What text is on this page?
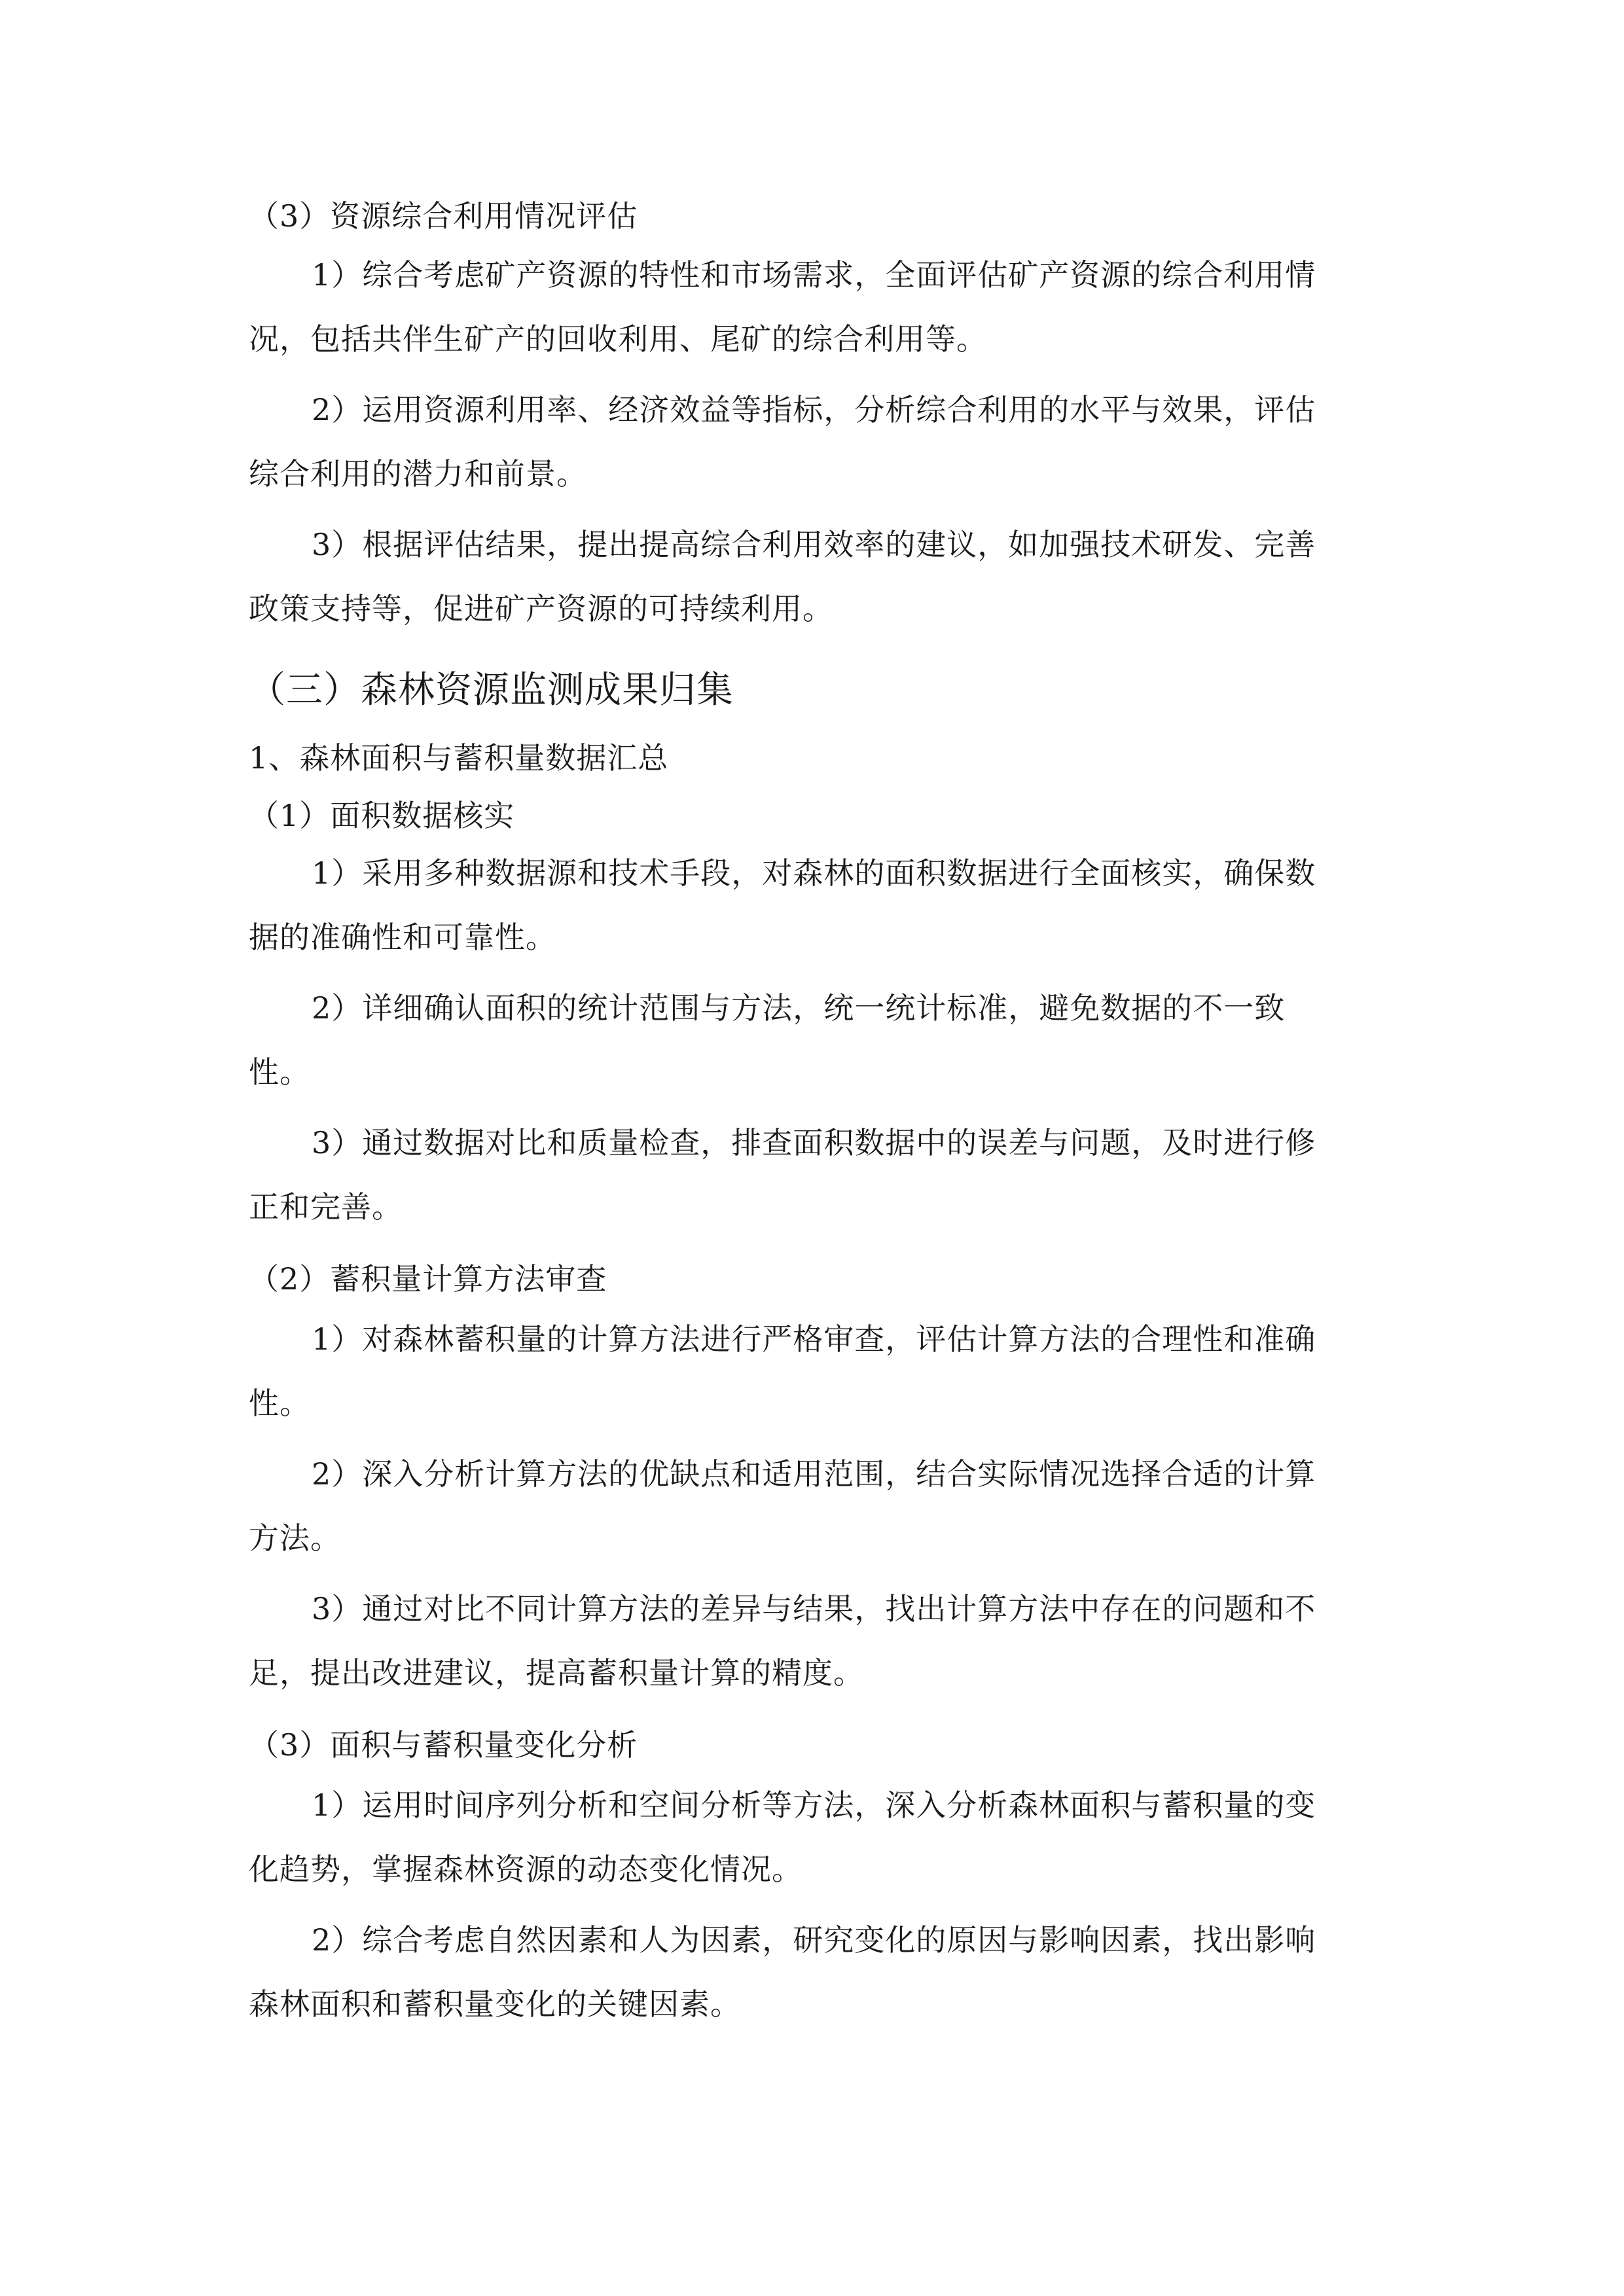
（3）资源综合利用情况评估
1）综合考虑矿产资源的特性和市场需求，全面评估矿产资源的综合利用情
况，包括共伴生矿产的回收利用、尾矿的综合利用等。
2）运用资源利用率、经济效益等指标，分析综合利用的水平与效果，评估
综合利用的潜力和前景。
3）根据评估结果，提出提高综合利用效率的建议，如加强技术研发、完善
政策支持等，促进矿产资源的可持续利用。
（三）森林资源监测成果归集
1、森林面积与蓄积量数据汇总
（1）面积数据核实
1）采用多种数据源和技术手段，对森林的面积数据进行全面核实，确保数
据的准确性和可靠性。
2）详细确认面积的统计范围与方法，统一统计标准，避免数据的不一致
性。
3）通过数据对比和质量检查，排查面积数据中的误差与问题，及时进行修
正和完善。
（2）蓄积量计算方法审查
1）对森林蓄积量的计算方法进行严格审查，评估计算方法的合理性和准确
性。
2）深入分析计算方法的优缺点和适用范围，结合实际情况选择合适的计算
方法。
3）通过对比不同计算方法的差异与结果，找出计算方法中存在的问题和不
足，提出改进建议，提高蓄积量计算的精度。
（3）面积与蓄积量变化分析
1）运用时间序列分析和空间分析等方法，深入分析森林面积与蓄积量的变
化趋势，掌握森林资源的动态变化情况。
2）综合考虑自然因素和人为因素，研究变化的原因与影响因素，找出影响
森林面积和蓄积量变化的关键因素。
